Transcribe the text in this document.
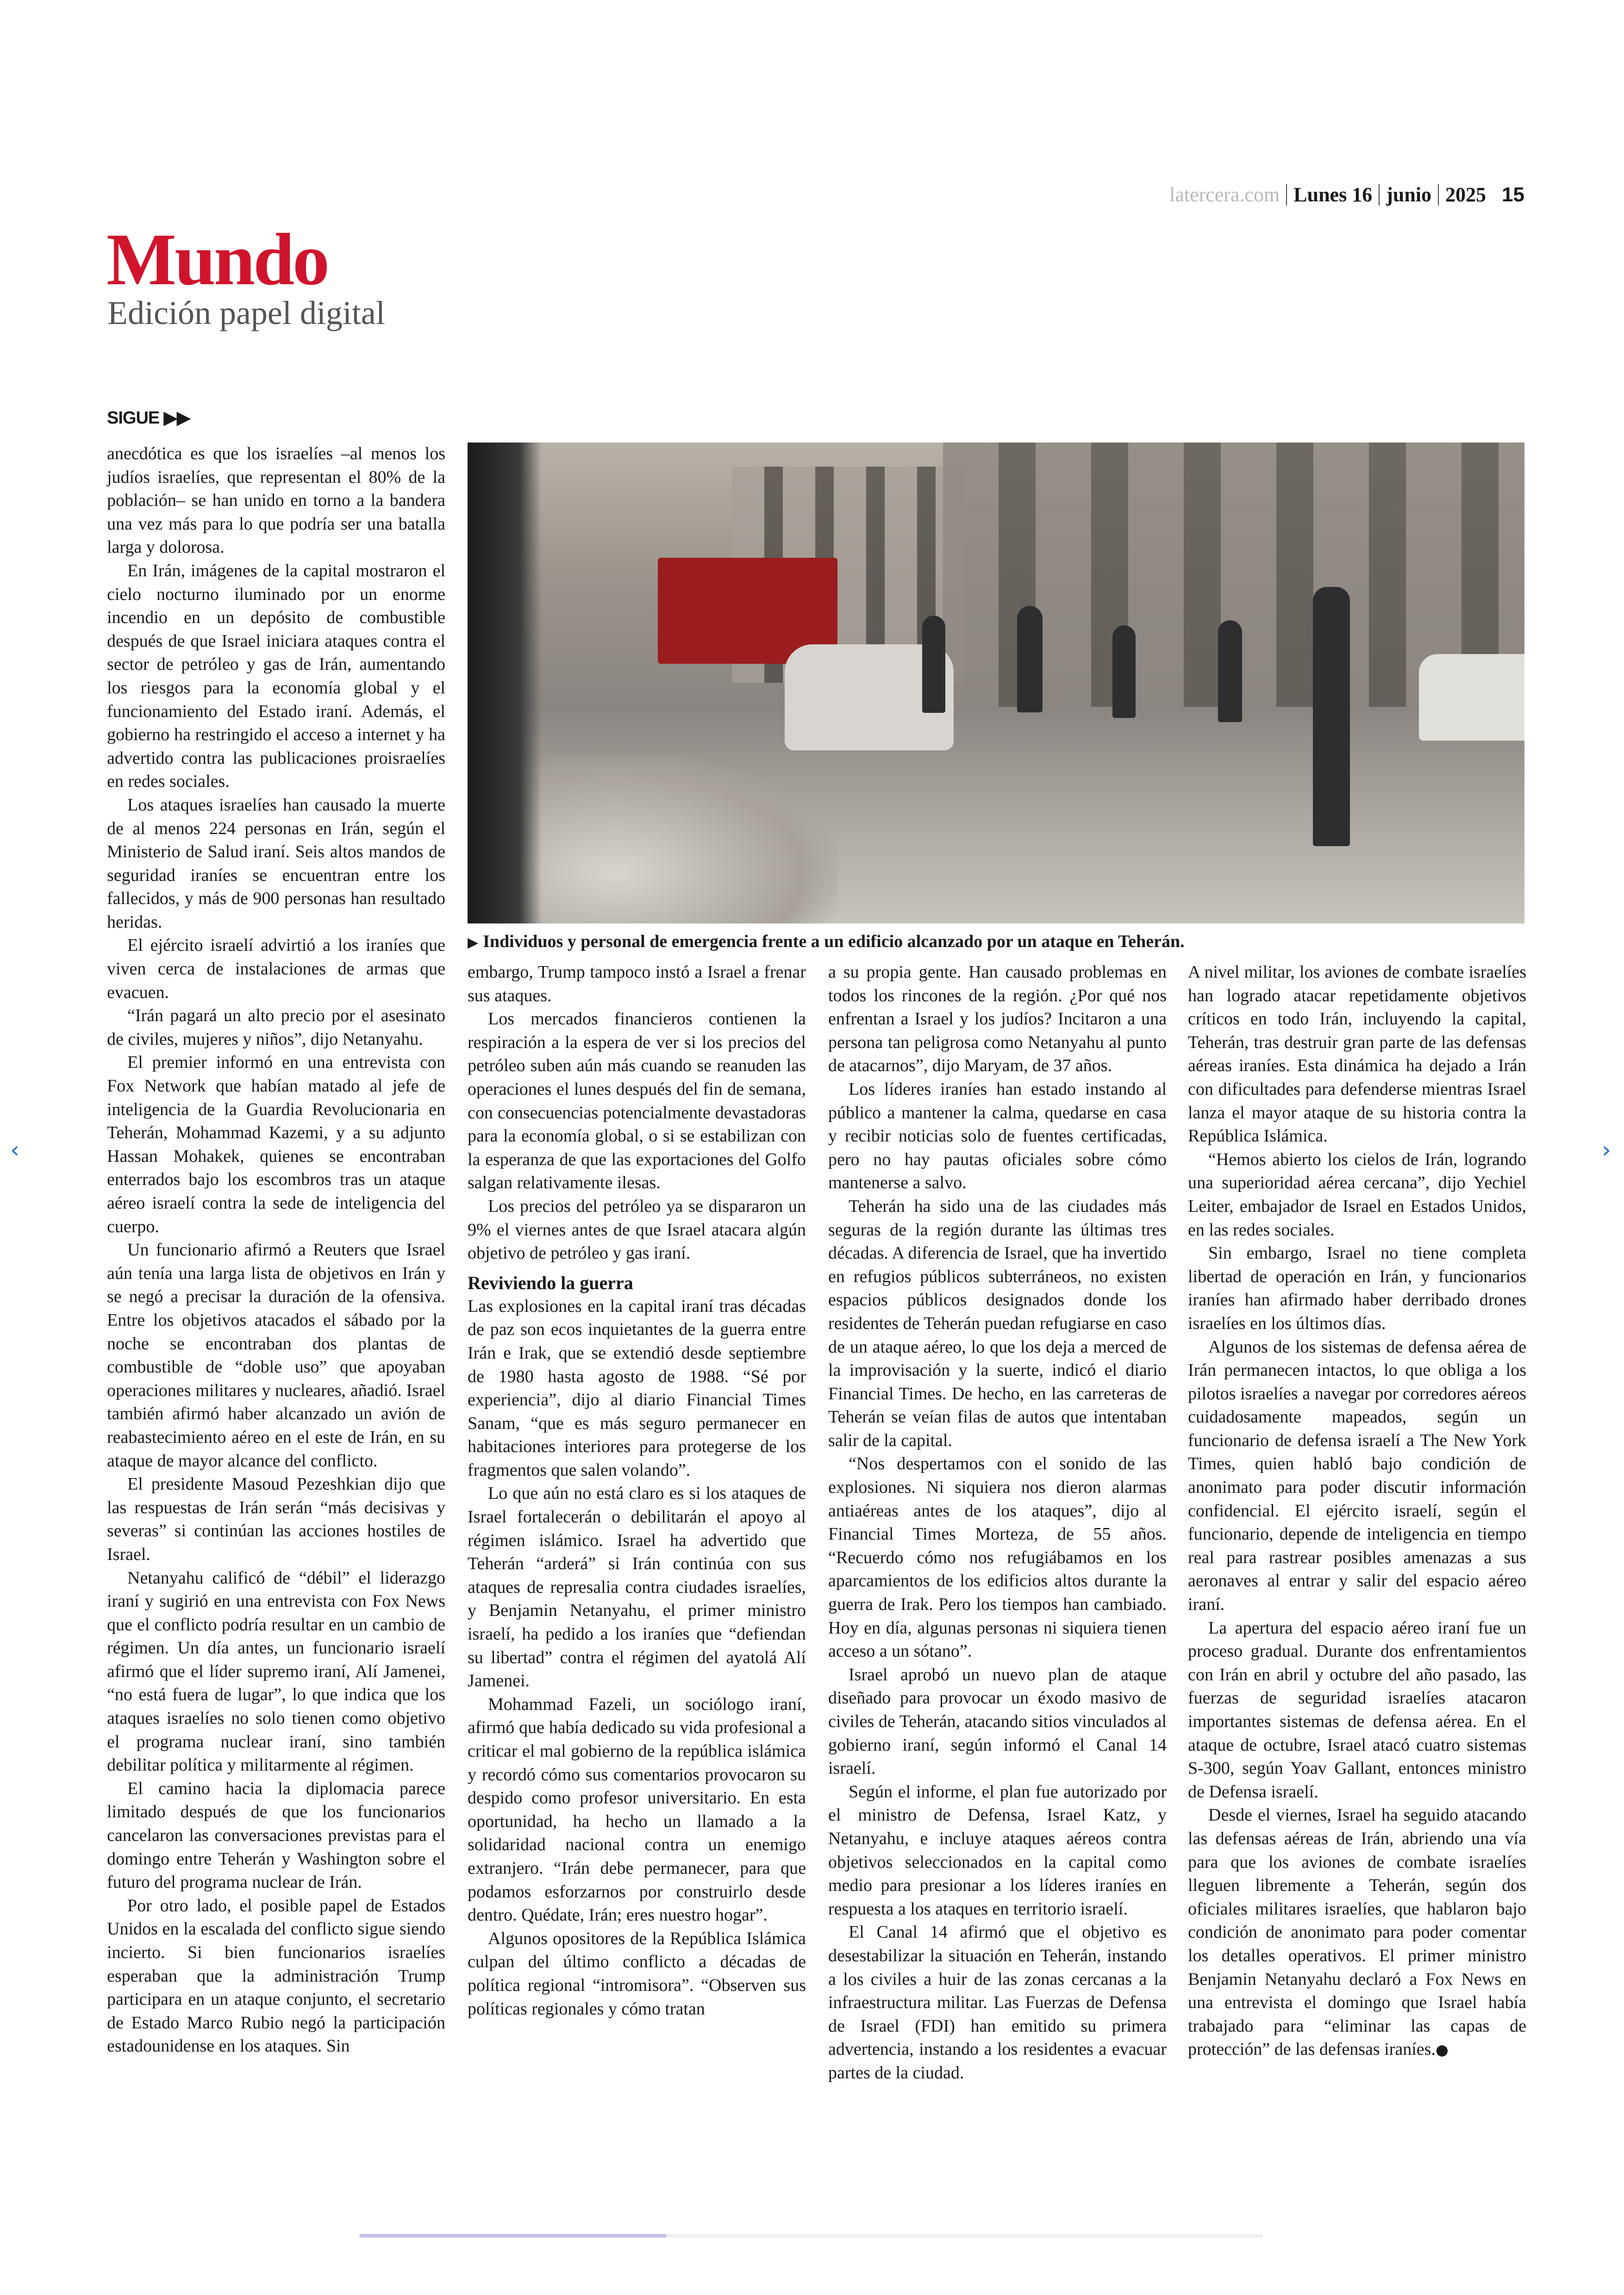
latercera.com Lunes 16 junio 2025 15
Mundo
Edición papel digital
SIGUE ▶▶

anecdótica es que los israelíes –al menos los judíos israelíes, que representan el 80% de la población– se han unido en torno a la bandera una vez más para lo que podría ser una batalla larga y dolorosa.

En Irán, imágenes de la capital mostraron el cielo nocturno iluminado por un enorme incendio en un depósito de combustible después de que Israel iniciara ataques contra el sector de petróleo y gas de Irán, aumentando los riesgos para la economía global y el funcionamiento del Estado iraní. Además, el gobierno ha restringido el acceso a internet y ha advertido contra las publicaciones proisraelíes en redes sociales.

Los ataques israelíes han causado la muerte de al menos 224 personas en Irán, según el Ministerio de Salud iraní. Seis altos mandos de seguridad iraníes se encuentran entre los fallecidos, y más de 900 personas han resultado heridas.

El ejército israelí advirtió a los iraníes que viven cerca de instalaciones de armas que evacuen.

“Irán pagará un alto precio por el asesinato de civiles, mujeres y niños”, dijo Netanyahu.

El premier informó en una entrevista con Fox Network que habían matado al jefe de inteligencia de la Guardia Revolucionaria en Teherán, Mohammad Kazemi, y a su adjunto Hassan Mohakek, quienes se encontraban enterrados bajo los escombros tras un ataque aéreo israelí contra la sede de inteligencia del cuerpo.

Un funcionario afirmó a Reuters que Israel aún tenía una larga lista de objetivos en Irán y se negó a precisar la duración de la ofensiva. Entre los objetivos atacados el sábado por la noche se encontraban dos plantas de combustible de “doble uso” que apoyaban operaciones militares y nucleares, añadió. Israel también afirmó haber alcanzado un avión de reabastecimiento aéreo en el este de Irán, en su ataque de mayor alcance del conflicto.

El presidente Masoud Pezeshkian dijo que las respuestas de Irán serán “más decisivas y severas” si continúan las acciones hostiles de Israel.

Netanyahu calificó de “débil” el liderazgo iraní y sugirió en una entrevista con Fox News que el conflicto podría resultar en un cambio de régimen. Un día antes, un funcionario israelí afirmó que el líder supremo iraní, Alí Jamenei, “no está fuera de lugar”, lo que indica que los ataques israelíes no solo tienen como objetivo el programa nuclear iraní, sino también debilitar política y militarmente al régimen.

El camino hacia la diplomacia parece limitado después de que los funcionarios cancelaron las conversaciones previstas para el domingo entre Teherán y Washington sobre el futuro del programa nuclear de Irán.

Por otro lado, el posible papel de Estados Unidos en la escalada del conflicto sigue siendo incierto. Si bien funcionarios israelíes esperaban que la administración Trump participara en un ataque conjunto, el secretario de Estado Marco Rubio negó la participación estadounidense en los ataques. Sin

▶ Individuos y personal de emergencia frente a un edificio alcanzado por un ataque en Teherán.

embargo, Trump tampoco instó a Israel a frenar sus ataques.

Los mercados financieros contienen la respiración a la espera de ver si los precios del petróleo suben aún más cuando se reanuden las operaciones el lunes después del fin de semana, con consecuencias potencialmente devastadoras para la economía global, o si se estabilizan con la esperanza de que las exportaciones del Golfo salgan relativamente ilesas.

Los precios del petróleo ya se dispararon un 9% el viernes antes de que Israel atacara algún objetivo de petróleo y gas iraní.

Reviviendo la guerra

Las explosiones en la capital iraní tras décadas de paz son ecos inquietantes de la guerra entre Irán e Irak, que se extendió desde septiembre de 1980 hasta agosto de 1988. “Sé por experiencia”, dijo al diario Financial Times Sanam, “que es más seguro permanecer en habitaciones interiores para protegerse de los fragmentos que salen volando”.

Lo que aún no está claro es si los ataques de Israel fortalecerán o debilitarán el apoyo al régimen islámico. Israel ha advertido que Teherán “arderá” si Irán continúa con sus ataques de represalia contra ciudades israelíes, y Benjamin Netanyahu, el primer ministro israelí, ha pedido a los iraníes que “defiendan su libertad” contra el régimen del ayatolá Alí Jamenei.

Mohammad Fazeli, un sociólogo iraní, afirmó que había dedicado su vida profesional a criticar el mal gobierno de la república islámica y recordó cómo sus comentarios provocaron su despido como profesor universitario. En esta oportunidad, ha hecho un llamado a la solidaridad nacional contra un enemigo extranjero. “Irán debe permanecer, para que podamos esforzarnos por construirlo desde dentro. Quédate, Irán; eres nuestro hogar”.

Algunos opositores de la República Islámica culpan del último conflicto a décadas de política regional “intromisora”. “Observen sus políticas regionales y cómo tratan

a su propia gente. Han causado problemas en todos los rincones de la región. ¿Por qué nos enfrentan a Israel y los judíos? Incitaron a una persona tan peligrosa como Netanyahu al punto de atacarnos”, dijo Maryam, de 37 años.

Los líderes iraníes han estado instando al público a mantener la calma, quedarse en casa y recibir noticias solo de fuentes certificadas, pero no hay pautas oficiales sobre cómo mantenerse a salvo.

Teherán ha sido una de las ciudades más seguras de la región durante las últimas tres décadas. A diferencia de Israel, que ha invertido en refugios públicos subterráneos, no existen espacios públicos designados donde los residentes de Teherán puedan refugiarse en caso de un ataque aéreo, lo que los deja a merced de la improvisación y la suerte, indicó el diario Financial Times. De hecho, en las carreteras de Teherán se veían filas de autos que intentaban salir de la capital.

“Nos despertamos con el sonido de las explosiones. Ni siquiera nos dieron alarmas antiaéreas antes de los ataques”, dijo al Financial Times Morteza, de 55 años. “Recuerdo cómo nos refugiábamos en los aparcamientos de los edificios altos durante la guerra de Irak. Pero los tiempos han cambiado. Hoy en día, algunas personas ni siquiera tienen acceso a un sótano”.

Israel aprobó un nuevo plan de ataque diseñado para provocar un éxodo masivo de civiles de Teherán, atacando sitios vinculados al gobierno iraní, según informó el Canal 14 israelí.

Según el informe, el plan fue autorizado por el ministro de Defensa, Israel Katz, y Netanyahu, e incluye ataques aéreos contra objetivos seleccionados en la capital como medio para presionar a los líderes iraníes en respuesta a los ataques en territorio israelí.

El Canal 14 afirmó que el objetivo es desestabilizar la situación en Teherán, instando a los civiles a huir de las zonas cercanas a la infraestructura militar. Las Fuerzas de Defensa de Israel (FDI) han emitido su primera advertencia, instando a los residentes a evacuar partes de la ciudad.

A nivel militar, los aviones de combate israelíes han logrado atacar repetidamente objetivos críticos en todo Irán, incluyendo la capital, Teherán, tras destruir gran parte de las defensas aéreas iraníes. Esta dinámica ha dejado a Irán con dificultades para defenderse mientras Israel lanza el mayor ataque de su historia contra la República Islámica.

“Hemos abierto los cielos de Irán, logrando una superioridad aérea cercana”, dijo Yechiel Leiter, embajador de Israel en Estados Unidos, en las redes sociales.

Sin embargo, Israel no tiene completa libertad de operación en Irán, y funcionarios iraníes han afirmado haber derribado drones israelíes en los últimos días.

Algunos de los sistemas de defensa aérea de Irán permanecen intactos, lo que obliga a los pilotos israelíes a navegar por corredores aéreos cuidadosamente mapeados, según un funcionario de defensa israelí a The New York Times, quien habló bajo condición de anonimato para poder discutir información confidencial. El ejército israelí, según el funcionario, depende de inteligencia en tiempo real para rastrear posibles amenazas a sus aeronaves al entrar y salir del espacio aéreo iraní.

La apertura del espacio aéreo iraní fue un proceso gradual. Durante dos enfrentamientos con Irán en abril y octubre del año pasado, las fuerzas de seguridad israelíes atacaron importantes sistemas de defensa aérea. En el ataque de octubre, Israel atacó cuatro sistemas S-300, según Yoav Gallant, entonces ministro de Defensa israelí.

Desde el viernes, Israel ha seguido atacando las defensas aéreas de Irán, abriendo una vía para que los aviones de combate israelíes lleguen libremente a Teherán, según dos oficiales militares israelíes, que hablaron bajo condición de anonimato para poder comentar los detalles operativos. El primer ministro Benjamin Netanyahu declaró a Fox News en una entrevista el domingo que Israel había trabajado para “eliminar las capas de protección” de las defensas iraníes.●

‹	›
